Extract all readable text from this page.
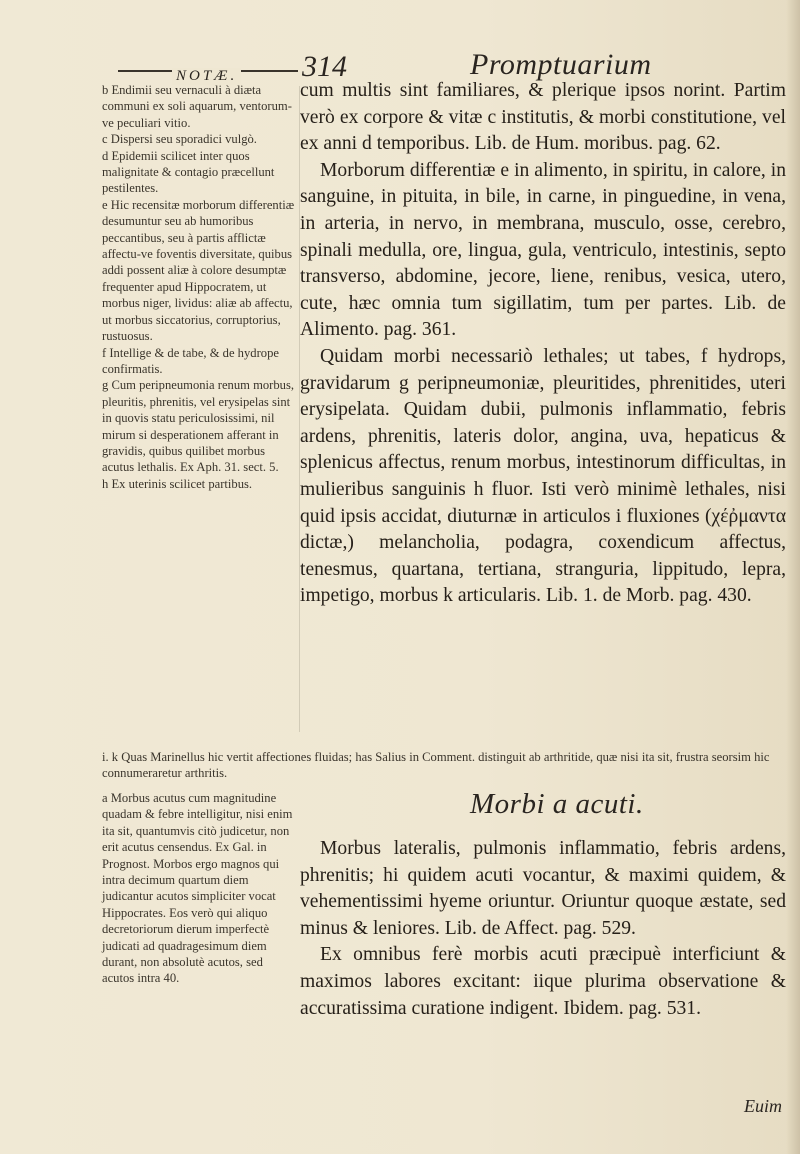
NOTÆ. 314	Promptuarium

b Endimii seu vernaculi à diæta communi ex soli aquarum, ventorum-ve peculiari vitio.

c Dispersi seu sporadici vulgò.

d Epidemii scilicet inter quos malignitate & contagio præcellunt pestilentes.

e Hic recensitæ morborum differentiæ desumuntur seu ab humoribus peccantibus, seu à partis afflictæ affectu-ve foventis diversitate, quibus addi possent aliæ à colore desumptæ frequenter apud Hippocratem, ut morbus niger, lividus: aliæ ab affectu, ut morbus siccatorius, corruptorius, rustuosus.

f Intellige & de tabe, & de hydrope confirmatis.

g Cum peripneumonia renum morbus, pleuritis, phrenitis, vel erysipelas sint in quovis statu periculosissimi, nil mirum si desperationem afferant in gravidis, quibus quilibet morbus acutus lethalis. Ex Aph. 31. sect. 5.

h Ex uterinis scilicet partibus.

cum multis sint familiares, & plerique ipsos norint. Partim verò ex corpore & vitæ c institutis, & morbi constitutione, vel ex anni d temporibus. Lib. de Hum. moribus. pag. 62.

Morborum differentiæ e in alimento, in spiritu, in calore, in sanguine, in pituita, in bile, in carne, in pinguedine, in vena, in arteria, in nervo, in membrana, musculo, osse, cerebro, spinali medulla, ore, lingua, gula, ventriculo, intestinis, septo transverso, abdomine, jecore, liene, renibus, vesica, utero, cute, hæc omnia tum sigillatim, tum per partes. Lib. de Alimento. pag. 361.

Quidam morbi necessariò lethales; ut tabes, f hydrops, gravidarum g peripneumoniæ, pleuritides, phrenitides, uteri erysipelata. Quidam dubii, pulmonis inflammatio, febris ardens, phrenitis, lateris dolor, angina, uva, hepaticus & splenicus affectus, renum morbus, intestinorum difficultas, in mulieribus sanguinis h fluor. Isti verò minimè lethales, nisi quid ipsis accidat, diuturnæ in articulos i fluxiones (χέῤμαντα dictæ,) melancholia, podagra, coxendicum affectus, tenesmus, quartana, tertiana, stranguria, lippitudo, lepra, impetigo, morbus k articularis. Lib. 1. de Morb. pag. 430.

i. k Quas Marinellus hic vertit affectiones fluidas; has Salius in Comment. distinguit ab arthritide, quæ nisi ita sit, frustra seorsim hic connumeraretur arthritis.

Morbi a acuti.

a Morbus acutus cum magnitudine quadam & febre intelligitur, nisi enim ita sit, quantumvis citò judicetur, non erit acutus censendus. Ex Gal. in Prognost. Morbos ergo magnos qui intra decimum quartum diem judicantur acutos simpliciter vocat Hippocrates. Eos verò qui aliquo decretoriorum dierum imperfectè judicati ad quadragesimum diem durant, non absolutè acutos, sed acutos intra 40.

Morbus lateralis, pulmonis inflammatio, febris ardens, phrenitis; hi quidem acuti vocantur, & maximi quidem, & vehementissimi hyeme oriuntur. Oriuntur quoque æstate, sed minus & leniores. Lib. de Affect. pag. 529.

Ex omnibus ferè morbis acuti præcipuè interficiunt & maximos labores excitant: iique plurima observatione & accuratissima curatione indigent. Ibidem. pag. 531.

Euim
